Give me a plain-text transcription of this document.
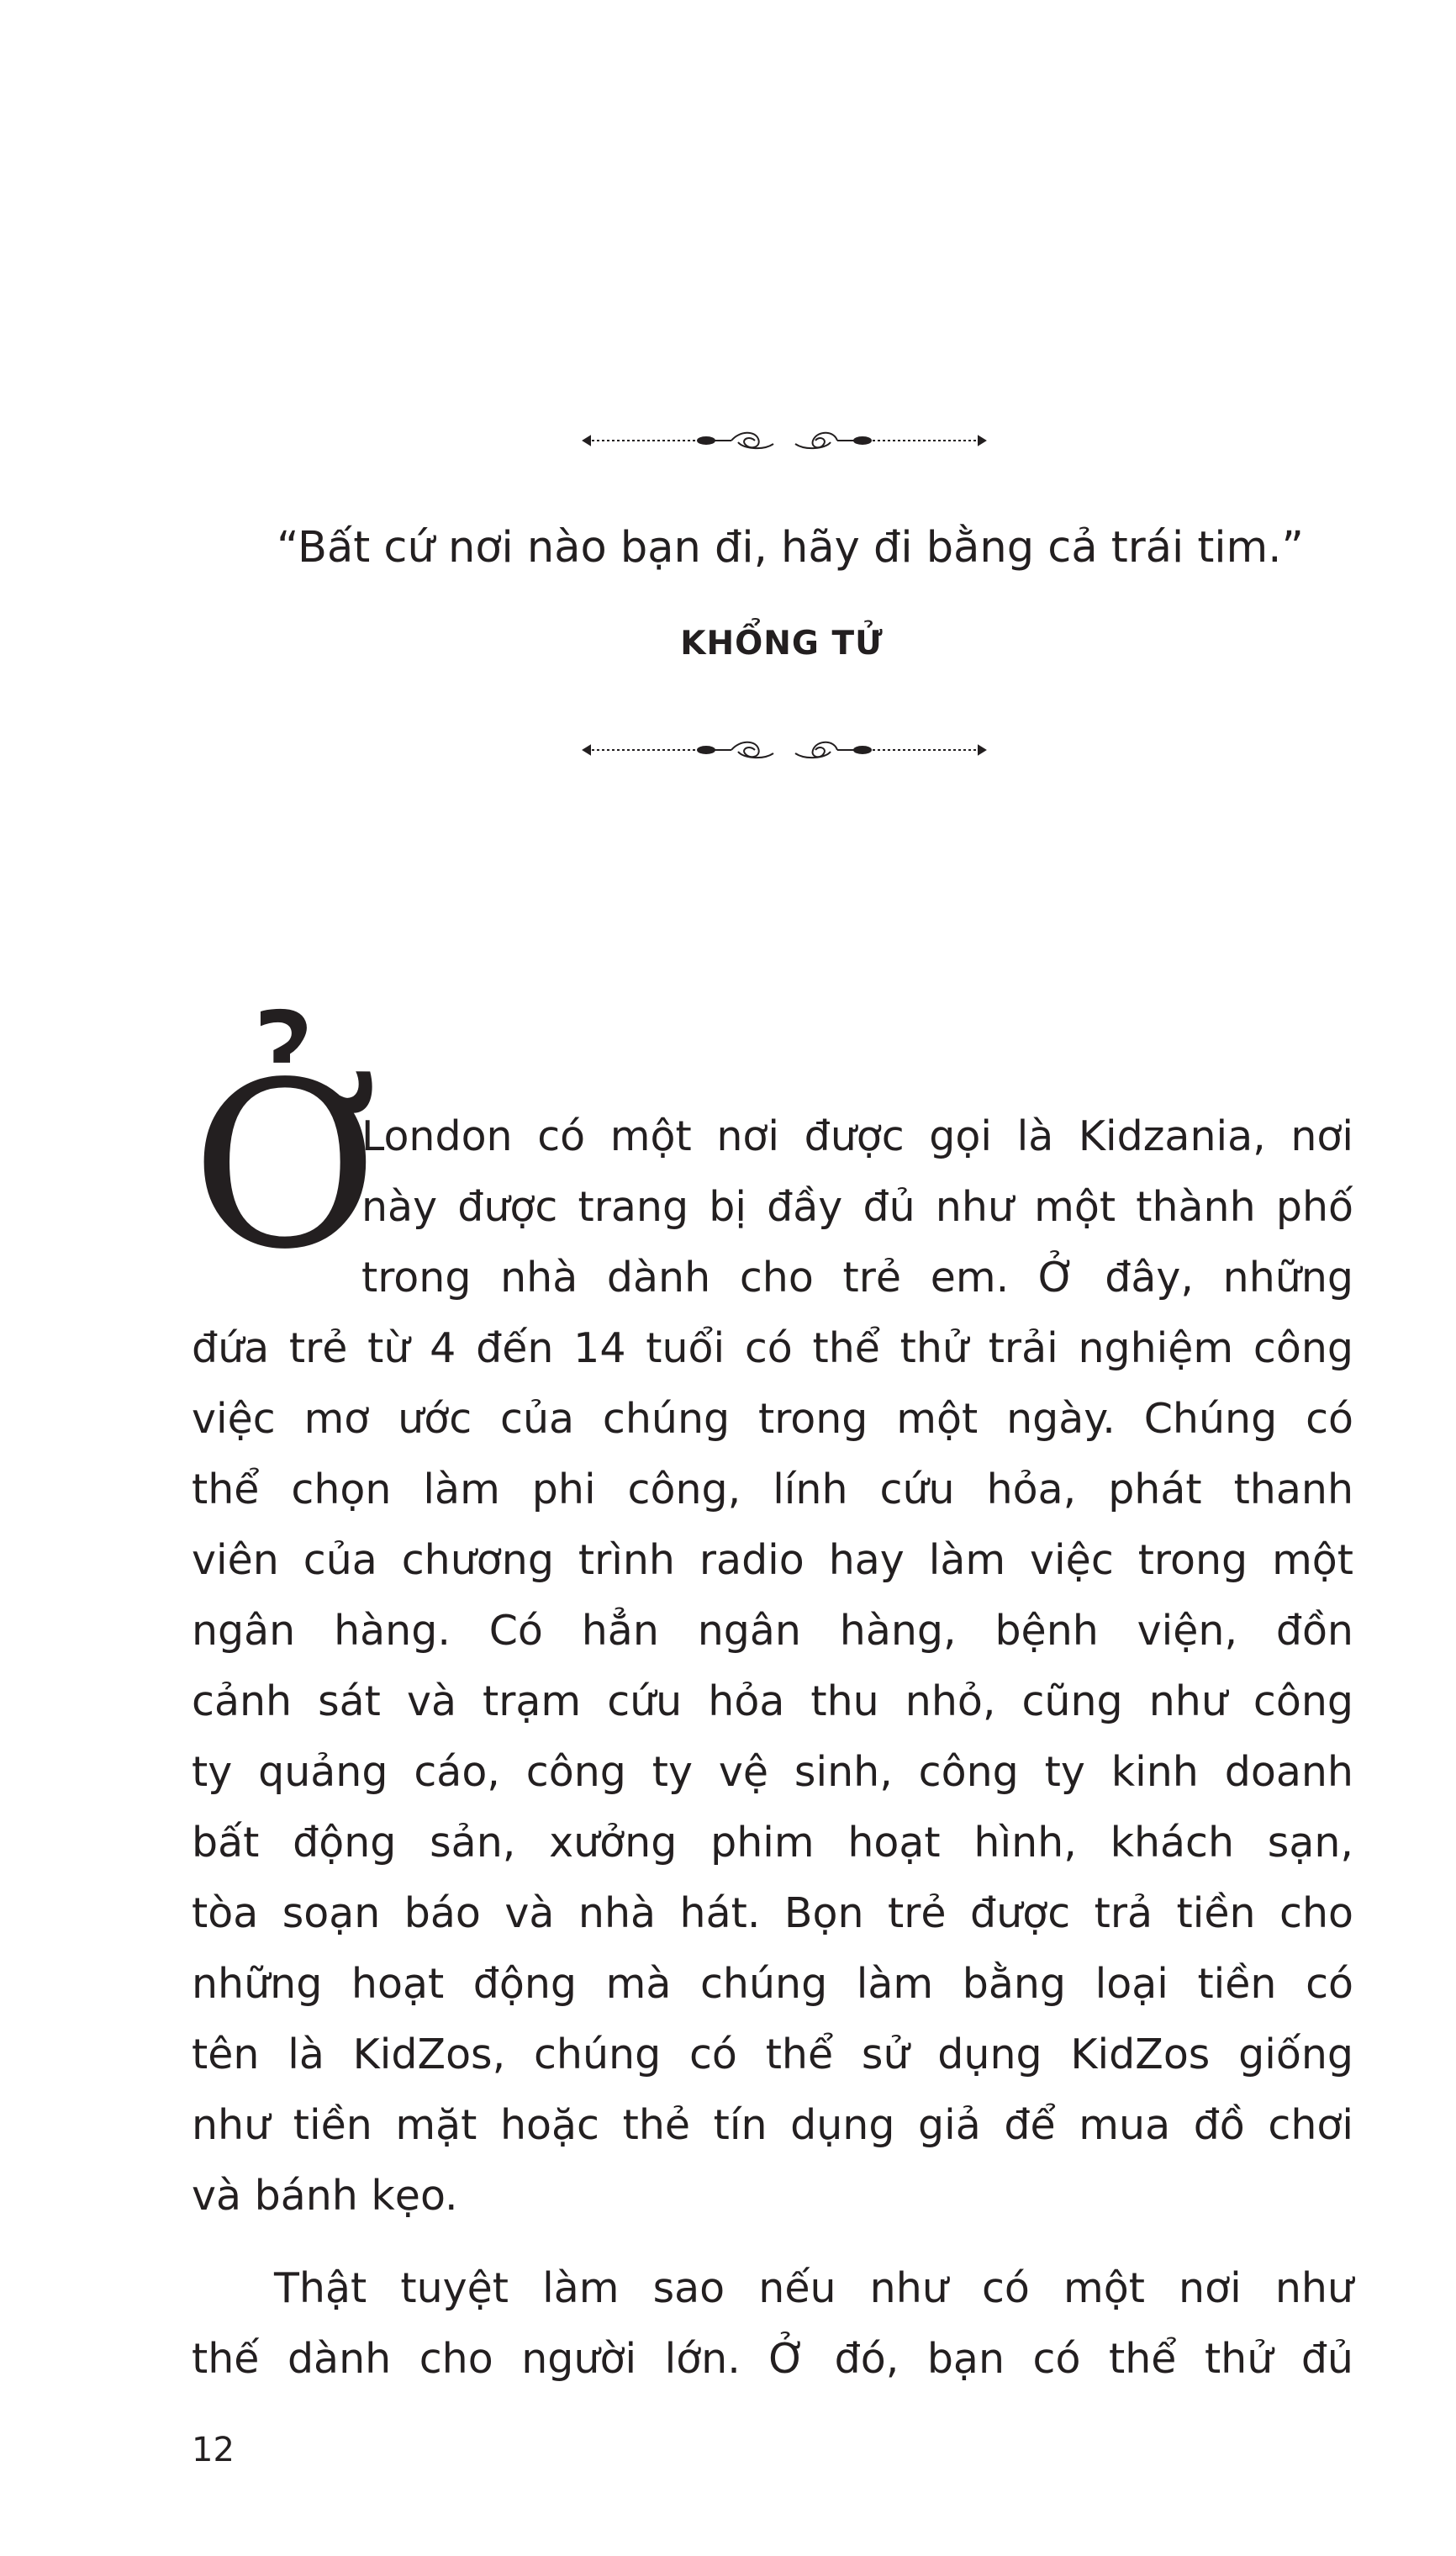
“Bất cứ nơi nào bạn đi, hãy đi bằng cả trái tim.”
KHỔNG TỬ
Ở
London có một nơi được gọi là Kidzania, nơi
này được trang bị đầy đủ như một thành phố
trong nhà dành cho trẻ em. Ở đây, những
đứa trẻ từ 4 đến 14 tuổi có thể thử trải nghiệm công
việc mơ ước của chúng trong một ngày. Chúng có
thể chọn làm phi công, lính cứu hỏa, phát thanh
viên của chương trình radio hay làm việc trong một
ngân hàng. Có hẳn ngân hàng, bệnh viện, đồn
cảnh sát và trạm cứu hỏa thu nhỏ, cũng như công
ty quảng cáo, công ty vệ sinh, công ty kinh doanh
bất động sản, xưởng phim hoạt hình, khách sạn,
tòa soạn báo và nhà hát. Bọn trẻ được trả tiền cho
những hoạt động mà chúng làm bằng loại tiền có
tên là KidZos, chúng có thể sử dụng KidZos giống
như tiền mặt hoặc thẻ tín dụng giả để mua đồ chơi
và bánh kẹo.
Thật tuyệt làm sao nếu như có một nơi như
thế dành cho người lớn. Ở đó, bạn có thể thử đủ
12
